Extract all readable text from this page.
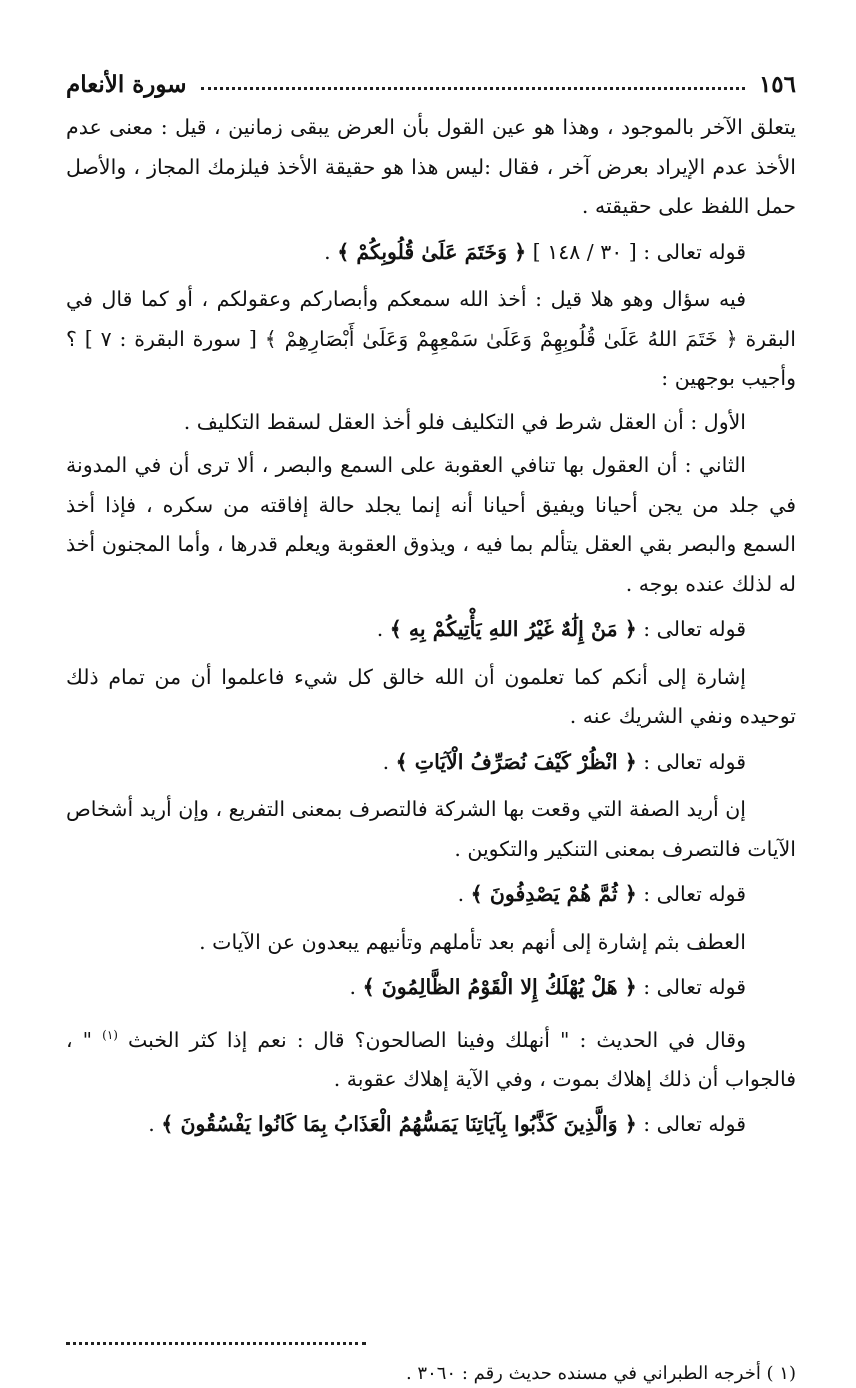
١٥٦
سورة الأنعام

يتعلق الآخر بالموجود ، وهذا هو عين القول بأن العرض يبقى زمانين ، قيل : معنى عدم الأخذ عدم الإيراد بعرض آخر ، فقال :ليس هذا هو حقيقة الأخذ فيلزمك المجاز ، والأصل حمل اللفظ على حقيقته .

قوله تعالى : [ ٣٠ / ١٤٨ ] ﴿ وَخَتَمَ عَلَىٰ قُلُوبِكُمْ ﴾ .

فيه سؤال وهو هلا قيل : أخذ الله سمعكم وأبصاركم وعقولكم ، أو كما قال في البقرة ﴿ خَتَمَ اللهُ عَلَىٰ قُلُوبِهِمْ وَعَلَىٰ سَمْعِهِمْ وَعَلَىٰ أَبْصَارِهِمْ ﴾ [ سورة البقرة : ٧ ] ؟ وأجيب بوجهين :

الأول : أن العقل شرط في التكليف فلو أخذ العقل لسقط التكليف .

الثاني : أن العقول بها تنافي العقوبة على السمع والبصر ، ألا ترى أن في المدونة في جلد من يجن أحيانا ويفيق أحيانا أنه إنما يجلد حالة إفاقته من سكره ، فإذا أخذ السمع والبصر بقي العقل يتألم بما فيه ، ويذوق العقوبة ويعلم قدرها ، وأما المجنون أخذ له لذلك عنده بوجه .

قوله تعالى : ﴿ مَنْ إِلَٰهٌ غَيْرُ اللهِ يَأْتِيكُمْ بِهِ ﴾ .

إشارة إلى أنكم كما تعلمون أن الله خالق كل شيء فاعلموا أن من تمام ذلك توحيده ونفي الشريك عنه .

قوله تعالى : ﴿ انْظُرْ كَيْفَ نُصَرِّفُ الْآيَاتِ ﴾ .

إن أريد الصفة التي وقعت بها الشركة فالتصرف بمعنى التفريع ، وإن أريد أشخاص الآيات فالتصرف بمعنى التنكير والتكوين .

قوله تعالى : ﴿ ثُمَّ هُمْ يَصْدِفُونَ ﴾ .

العطف بثم إشارة إلى أنهم بعد تأملهم وتأنيهم يبعدون عن الآيات .

قوله تعالى : ﴿ هَلْ يُهْلَكُ إِلا الْقَوْمُ الظَّالِمُونَ ﴾ .

وقال في الحديث : " أنهلك وفينا الصالحون؟ قال : نعم إذا كثر الخبث $^{(١)}$ " ، فالجواب أن ذلك إهلاك بموت ، وفي الآية إهلاك عقوبة .

قوله تعالى : ﴿ وَالَّذِينَ كَذَّبُوا بِآيَاتِنَا يَمَسُّهُمُ الْعَذَابُ بِمَا كَانُوا يَفْسُقُونَ ﴾ .

(١ ) أخرجه الطبراني في مسنده حديث رقم : ٣٠٦٠ .
